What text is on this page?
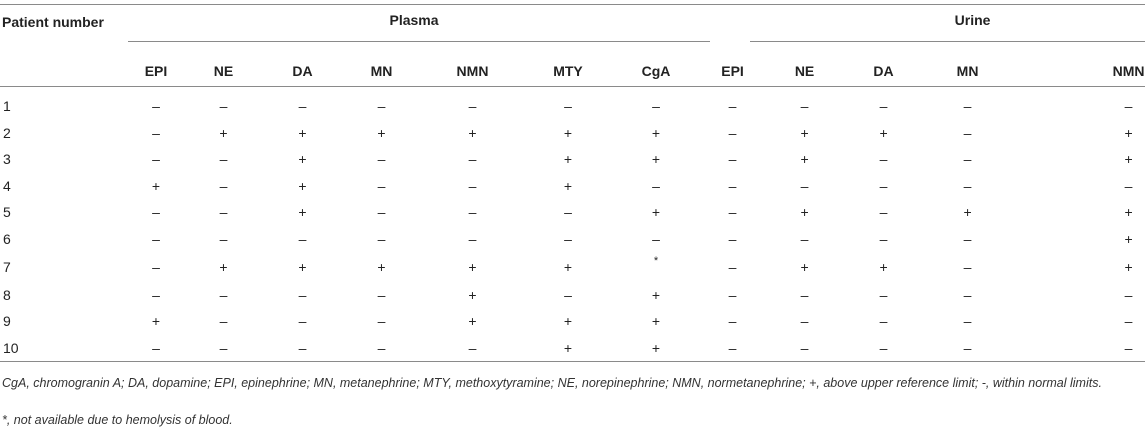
Patient number	Plasma							Urine				
	EPI	NE	DA	MN	NMN	MTY	CgA	EPI	NE	DA	MN	NMN
1	–	–	–	–	–	–	–	–	–	–	–	–
2	–	+	+	+	+	+	+	–	+	+	–	+
3	–	–	+	–	–	+	+	–	+	–	–	+
4	+	–	+	–	–	+	–	–	–	–	–	–
5	–	–	+	–	–	–	+	–	+	–	+	+
6	–	–	–	–	–	–	–	–	–	–	–	+
7	–	+	+	+	+	+	*	–	+	+	–	+
8	–	–	–	–	+	–	+	–	–	–	–	–
9	+	–	–	–	+	+	+	–	–	–	–	–
10	–	–	–	–	–	+	+	–	–	–	–	–
CgA, chromogranin A; DA, dopamine; EPI, epinephrine; MN, metanephrine; MTY, methoxytyramine; NE, norepinephrine; NMN, normetanephrine; +, above upper reference limit; -, within normal limits.
*, not available due to hemolysis of blood.
